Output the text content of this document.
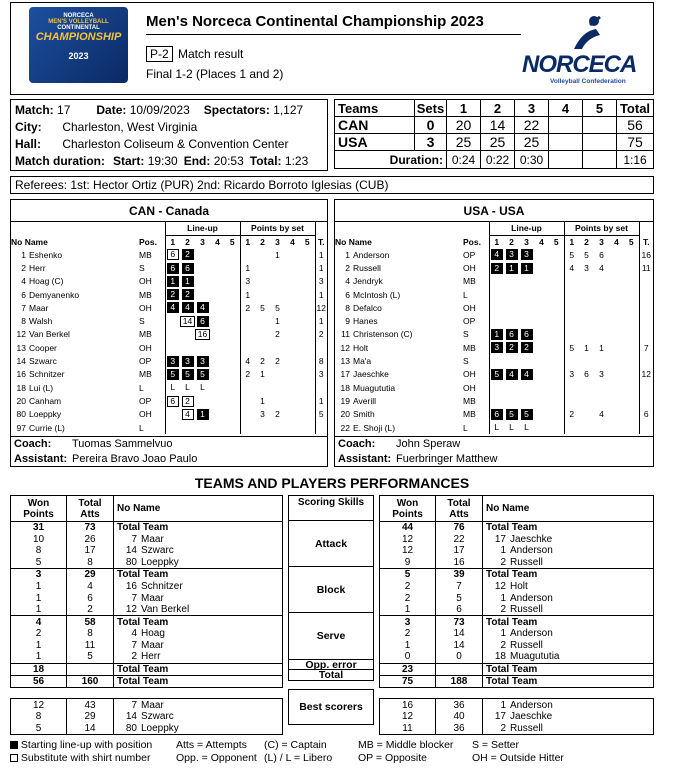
NORCECA
MEN'S VOLLEYBALL
CONTINENTAL
CHAMPIONSHIP
2023
Men's Norceca Continental Championship 2023
P-2 Match result
Final 1-2 (Places 1 and 2)	NORCECA
Volleyball Confederation
Match: 17 Date: 10/09/2023 Spectators: 1,127
City: Charleston, West Virginia
Hall: Charleston Coliseum & Convention Center
Match duration: Start: 19:30 End: 20:53 Total: 1:23
Teams	Sets	1	2	3	4	5	Total
CAN	0	20	14	22			56
USA	3	25	25	25			75
Duration:		0:24	0:22	0:30			1:16
Referees: 1st: Hector Ortiz (PUR) 2nd: Ricardo Borroto Iglesias (CUB)
CAN - Canada
		Line-up					Points by set					
No Name	Pos.	1	2	3	4	5	1	2	3	4	5	T.
1 Eshenko	MB	6	2						1			1
2 Herr	S	6	6				1					1
4 Hoag (C)	OH	1	1				3					3
6 Demyanenko	MB	2	2				1					1
7 Maar	OH	4	4	4			2	5	5			12
8 Walsh	S		14	6					1			1
12 Van Berkel	MB			16					2			2
13 Cooper	OH											
14 Szwarc	OP	3	3	3			4	2	2			8
16 Schnitzer	MB	5	5	5			2	1				3
18 Lui (L)	L	L	L	L								
20 Canham	OP	6	2					1				1
80 Loeppky	OH		4	1				3	2			5
97 Currie (L)	L											
Coach: Tuomas Sammelvuo
Assistant: Pereira Bravo Joao Paulo
USA - USA
		Line-up					Points by set					
No Name	Pos.	1	2	3	4	5	1	2	3	4	5	T.
1 Anderson	OP	4	3	3			5	5	6			16
2 Russell	OH	2	1	1			4	3	4			11
4 Jendryk	MB											
6 McIntosh (L)	L											
8 Defalco	OH											
9 Hanes	OP											
11 Christenson (C)	S	1	6	6								
12 Holt	MB	3	2	2			5	1	1			7
13 Ma'a	S											
17 Jaeschke	OH	5	4	4			3	6	3			12
18 Muagututia	OH											
19 Averill	MB											
20 Smith	MB	6	5	5			2		4			6
22 E. Shoji (L)	L	L	L	L								
Coach: John Speraw
Assistant: Fuerbringer Matthew
TEAMS AND PLAYERS PERFORMANCES
Won Points	Total Atts	No Name
31	73	Total Team
10	26	7 Maar
8	17	14 Szwarc
5	8	80 Loeppky
3	29	Total Team
1	4	16 Schnitzer
1	6	7 Maar
1	2	12 Van Berkel
4	58	Total Team
2	8	4 Hoag
1	11	7 Maar
1	5	2 Herr
18		Total Team
56	160	Total Team

12	43	7 Maar
8	29	14 Szwarc
5	14	80 Loeppky
Scoring Skills
Attack
Block
Serve
Opp. error
Total
Best scorers
Won Points	Total Atts	No Name
44	76	Total Team
12	22	17 Jaeschke
12	17	1 Anderson
9	16	2 Russell
5	39	Total Team
2	7	12 Holt
2	5	1 Anderson
1	6	2 Russell
3	73	Total Team
2	14	1 Anderson
1	14	2 Russell
0	0	18 Muagututia
23		Total Team
75	188	Total Team

16	36	1 Anderson
12	40	17 Jaeschke
11	36	2 Russell
Starting line-up with position
Substitute with shirt number
Atts = Attempts
Opp. = Opponent
(C) = Captain
(L) / L = Libero
MB = Middle blocker
OP = Opposite
S = Setter
OH = Outside Hitter
